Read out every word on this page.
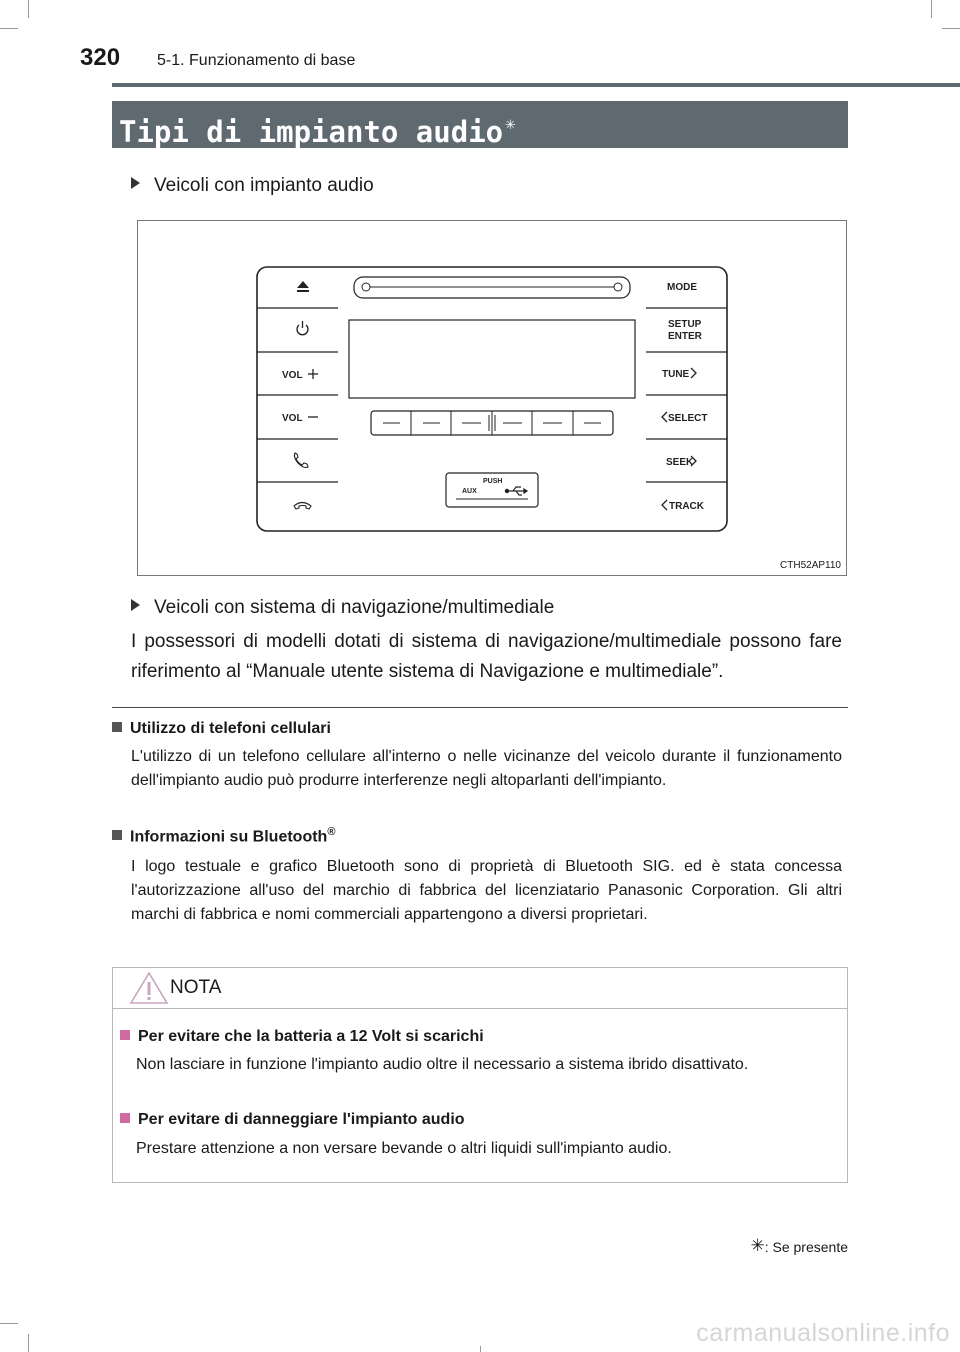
320 5-1. Funzionamento di base
Tipi di impianto audio ✳
Veicoli con impianto audio
PUSH
AUX
VOL
VOL
MODE
SETUP
ENTER
TUNE
SELECT
SEEK
TRACK
CTH52AP110
Veicoli con sistema di navigazione/multimediale
I possessori di modelli dotati di sistema di navigazione/multimediale possono fare riferimento al “Manuale utente sistema di Navigazione e multimediale”.
Utilizzo di telefoni cellulari
L'utilizzo di un telefono cellulare all'interno o nelle vicinanze del veicolo durante il funzionamento dell'impianto audio può produrre interferenze negli altoparlanti dell'impianto.
Informazioni su Bluetooth®
I logo testuale e grafico Bluetooth sono di proprietà di Bluetooth SIG. ed è stata concessa l'autorizzazione all'uso del marchio di fabbrica del licenziatario Panasonic Corporation. Gli altri marchi di fabbrica e nomi commerciali appartengono a diversi proprietari.
NOTA
Per evitare che la batteria a 12 Volt si scarichi
Non lasciare in funzione l'impianto audio oltre il necessario a sistema ibrido disattivato.
Per evitare di danneggiare l'impianto audio
Prestare attenzione a non versare bevande o altri liquidi sull'impianto audio.
✳: Se presente
carmanualsonline.info
